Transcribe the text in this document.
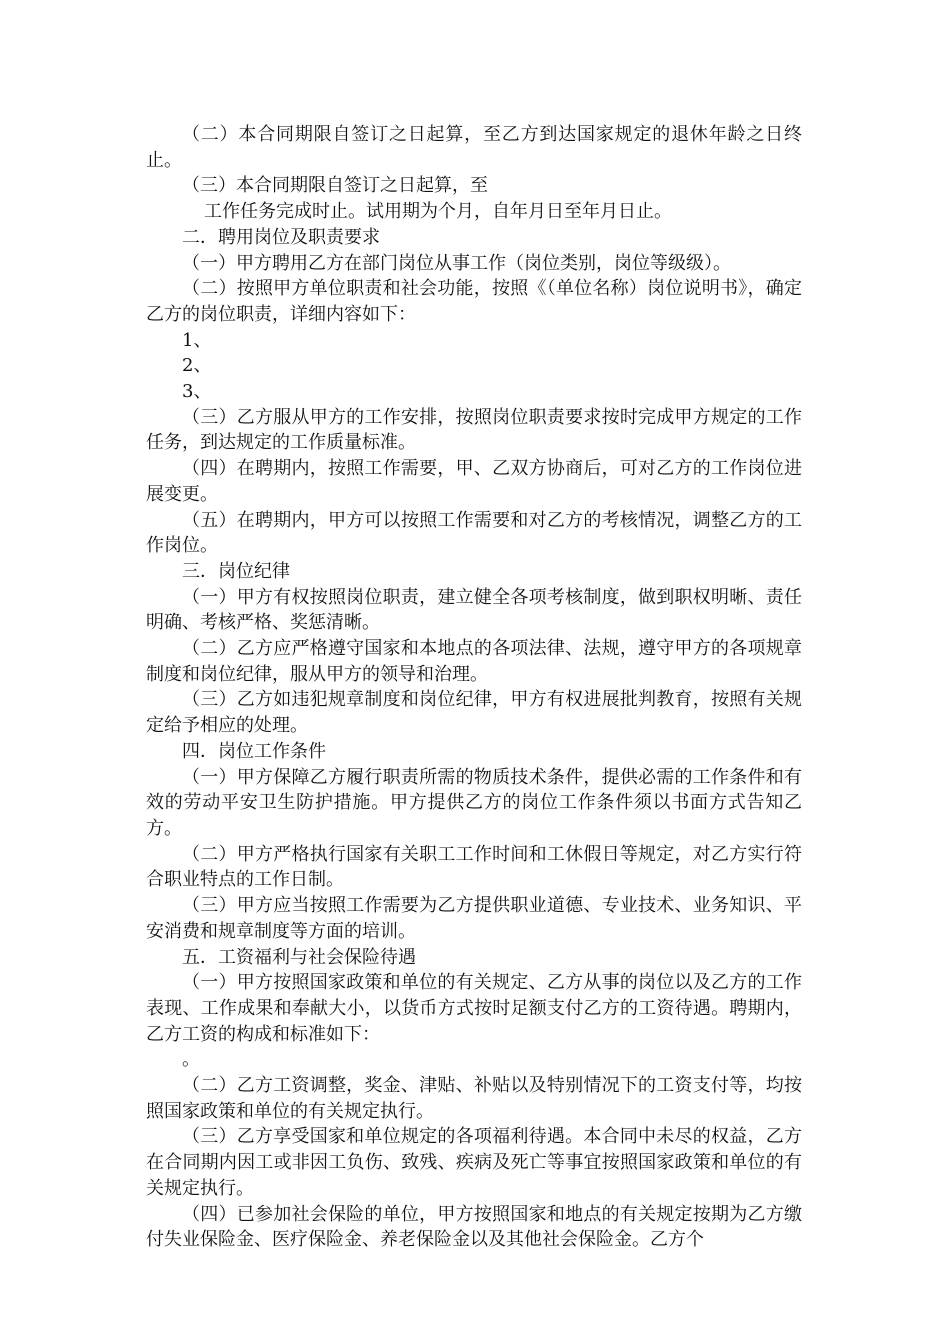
（二）本合同期限自签订之日起算，至乙方到达国家规定的退休年龄之日终止。

（三）本合同期限自签订之日起算，至

工作任务完成时止。试用期为个月，自年月日至年月日止。

二．聘用岗位及职责要求

（一）甲方聘用乙方在部门岗位从事工作（岗位类别，岗位等级级）。

（二）按照甲方单位职责和社会功能，按照《（单位名称）岗位说明书》，确定乙方的岗位职责，详细内容如下：

1、

2、

3、

（三）乙方服从甲方的工作安排，按照岗位职责要求按时完成甲方规定的工作任务，到达规定的工作质量标准。

（四）在聘期内，按照工作需要，甲、乙双方协商后，可对乙方的工作岗位进展变更。

（五）在聘期内，甲方可以按照工作需要和对乙方的考核情况，调整乙方的工作岗位。

三．岗位纪律

（一）甲方有权按照岗位职责，建立健全各项考核制度，做到职权明晰、责任明确、考核严格、奖惩清晰。

（二）乙方应严格遵守国家和本地点的各项法律、法规，遵守甲方的各项规章制度和岗位纪律，服从甲方的领导和治理。

（三）乙方如违犯规章制度和岗位纪律，甲方有权进展批判教育，按照有关规定给予相应的处理。

四．岗位工作条件

（一）甲方保障乙方履行职责所需的物质技术条件，提供必需的工作条件和有效的劳动平安卫生防护措施。甲方提供乙方的岗位工作条件须以书面方式告知乙方。

（二）甲方严格执行国家有关职工工作时间和工休假日等规定，对乙方实行符合职业特点的工作日制。

（三）甲方应当按照工作需要为乙方提供职业道德、专业技术、业务知识、平安消费和规章制度等方面的培训。

五．工资福利与社会保险待遇

（一）甲方按照国家政策和单位的有关规定、乙方从事的岗位以及乙方的工作表现、工作成果和奉献大小，以货币方式按时足额支付乙方的工资待遇。聘期内，乙方工资的构成和标准如下：

。

（二）乙方工资调整，奖金、津贴、补贴以及特别情况下的工资支付等，均按照国家政策和单位的有关规定执行。

（三）乙方享受国家和单位规定的各项福利待遇。本合同中未尽的权益，乙方在合同期内因工或非因工负伤、致残、疾病及死亡等事宜按照国家政策和单位的有关规定执行。

（四）已参加社会保险的单位，甲方按照国家和地点的有关规定按期为乙方缴付失业保险金、医疗保险金、养老保险金以及其他社会保险金。乙方个
